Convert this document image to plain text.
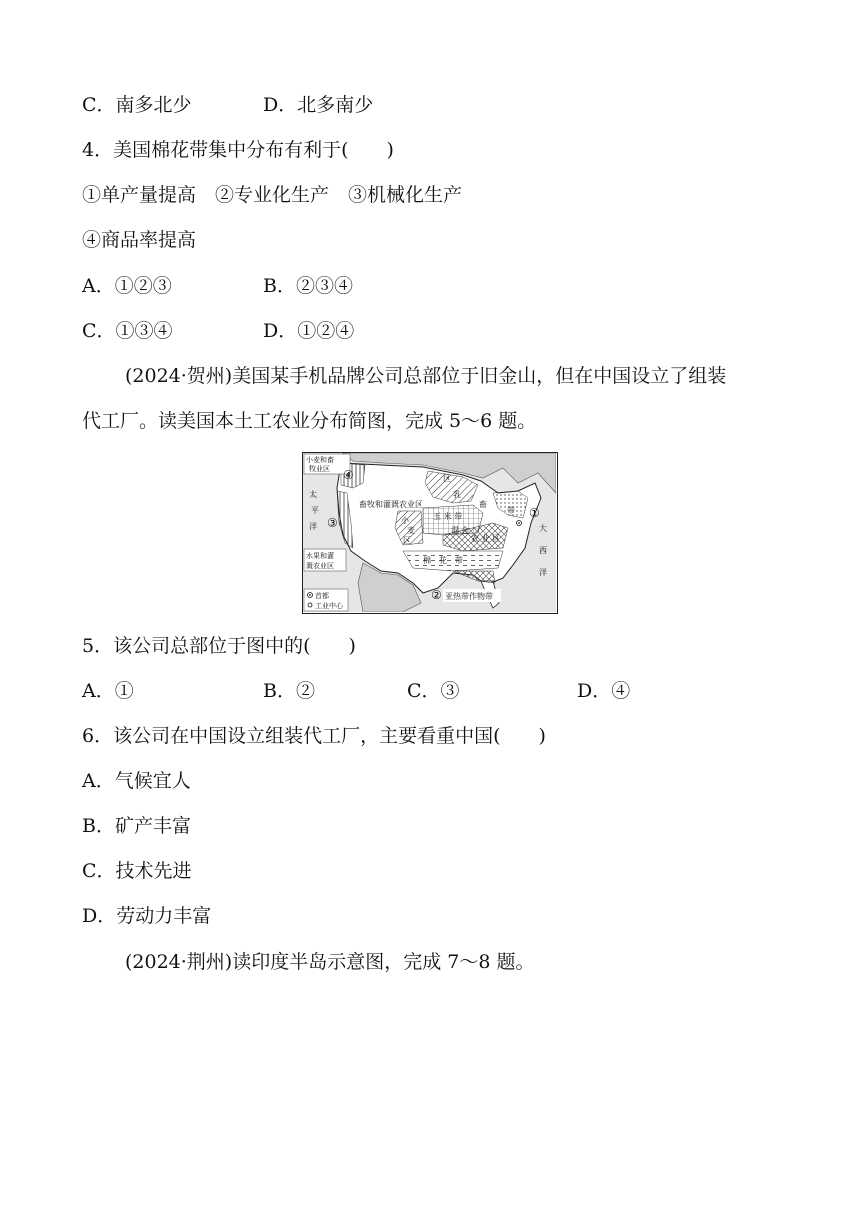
C．南多北少	D．北多南少
4．美国棉花带集中分布有利于(　　)
①单产量提高　②专业化生产　③机械化生产
④商品率提高
A．①②③	B．②③④
C．①③④	D．①②④
(2024·贺州)美国某手机品牌公司总部位于旧金山，但在中国设立了组装
代工厂。读美国本土工农业分布简图，完成 5～6 题。
小麦和畜
牧业区 ④
畜牧和灌溉农业区
太
平
洋 ③
水果和灌
溉农业区
区
乳
畜
带
玉 米 带
小
麦
区
混 合
农 业 区
棉　花　带
①
大
西
洋
② 亚热带作物带
首都
工业中心
5．该公司总部位于图中的(　　)
A．①	B．②	C．③	D．④
6．该公司在中国设立组装代工厂，主要看重中国(　　)
A．气候宜人
B．矿产丰富
C．技术先进
D．劳动力丰富
(2024·荆州)读印度半岛示意图，完成 7～8 题。
